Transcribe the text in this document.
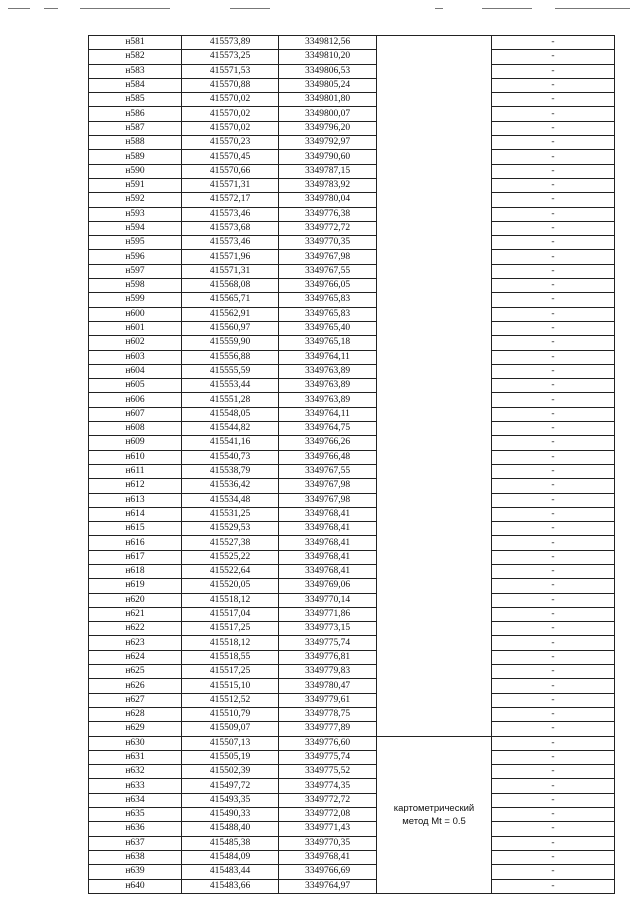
н581	415573,89	3349812,56		-
н582	415573,25	3349810,20		-
н583	415571,53	3349806,53		-
н584	415570,88	3349805,24		-
н585	415570,02	3349801,80		-
н586	415570,02	3349800,07		-
н587	415570,02	3349796,20		-
н588	415570,23	3349792,97		-
н589	415570,45	3349790,60		-
н590	415570,66	3349787,15		-
н591	415571,31	3349783,92		-
н592	415572,17	3349780,04		-
н593	415573,46	3349776,38		-
н594	415573,68	3349772,72		-
н595	415573,46	3349770,35		-
н596	415571,96	3349767,98		-
н597	415571,31	3349767,55		-
н598	415568,08	3349766,05		-
н599	415565,71	3349765,83		-
н600	415562,91	3349765,83		-
н601	415560,97	3349765,40		-
н602	415559,90	3349765,18		-
н603	415556,88	3349764,11		-
н604	415555,59	3349763,89		-
н605	415553,44	3349763,89		-
н606	415551,28	3349763,89		-
н607	415548,05	3349764,11		-
н608	415544,82	3349764,75		-
н609	415541,16	3349766,26		-
н610	415540,73	3349766,48		-
н611	415538,79	3349767,55		-
н612	415536,42	3349767,98		-
н613	415534,48	3349767,98		-
н614	415531,25	3349768,41		-
н615	415529,53	3349768,41		-
н616	415527,38	3349768,41		-
н617	415525,22	3349768,41		-
н618	415522,64	3349768,41		-
н619	415520,05	3349769,06		-
н620	415518,12	3349770,14		-
н621	415517,04	3349771,86		-
н622	415517,25	3349773,15		-
н623	415518,12	3349775,74		-
н624	415518,55	3349776,81		-
н625	415517,25	3349779,83		-
н626	415515,10	3349780,47		-
н627	415512,52	3349779,61		-
н628	415510,79	3349778,75		-
н629	415509,07	3349777,89		-
н630	415507,13	3349776,60	картометрический
метод Mt = 0.5	-
н631	415505,19	3349775,74		-
н632	415502,39	3349775,52		-
н633	415497,72	3349774,35		-
н634	415493,35	3349772,72		-
н635	415490,33	3349772,08		-
н636	415488,40	3349771,43		-
н637	415485,38	3349770,35		-
н638	415484,09	3349768,41		-
н639	415483,44	3349766,69		-
н640	415483,66	3349764,97		-
